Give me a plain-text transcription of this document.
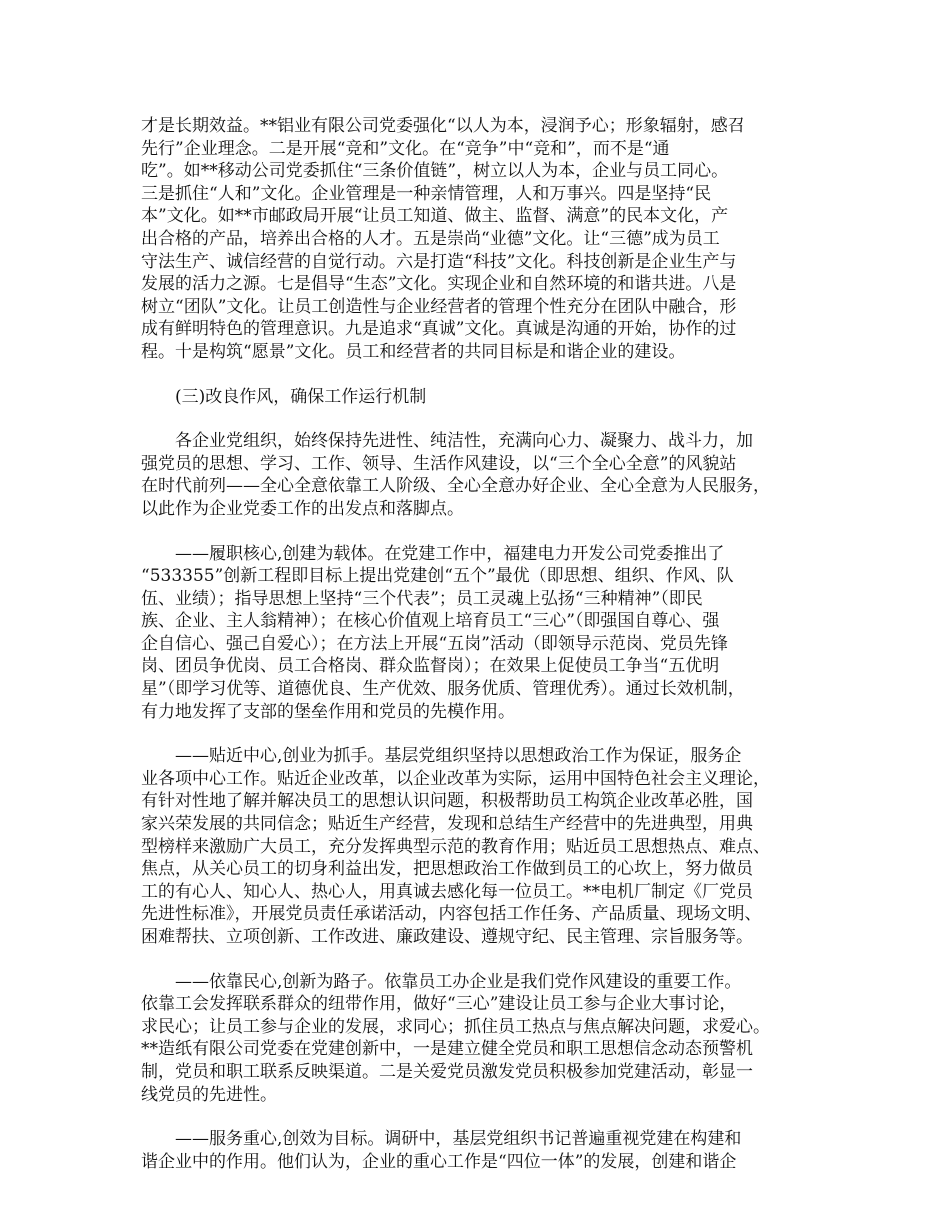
才是长期效益。**铝业有限公司党委强化“以人为本，浸润予心；形象辐射，感召
先行”企业理念。二是开展“竞和”文化。在“竞争”中“竞和”，而不是“通
吃”。如**移动公司党委抓住“三条价值链”，树立以人为本，企业与员工同心。
三是抓住“人和”文化。企业管理是一种亲情管理，人和万事兴。四是坚持“民
本”文化。如**市邮政局开展“让员工知道、做主、监督、满意”的民本文化，产
出合格的产品，培养出合格的人才。五是崇尚“业德”文化。让“三德”成为员工
守法生产、诚信经营的自觉行动。六是打造“科技”文化。科技创新是企业生产与
发展的活力之源。七是倡导“生态”文化。实现企业和自然环境的和谐共进。八是
树立“团队”文化。让员工创造性与企业经营者的管理个性充分在团队中融合，形
成有鲜明特色的管理意识。九是追求“真诚”文化。真诚是沟通的开始，协作的过
程。十是构筑“愿景”文化。员工和经营者的共同目标是和谐企业的建设。
(三)改良作风，确保工作运行机制
各企业党组织，始终保持先进性、纯洁性，充满向心力、凝聚力、战斗力，加
强党员的思想、学习、工作、领导、生活作风建设，以“三个全心全意”的风貌站
在时代前列——全心全意依靠工人阶级、全心全意办好企业、全心全意为人民服务，
以此作为企业党委工作的出发点和落脚点。
——履职核心,创建为载体。在党建工作中，福建电力开发公司党委推出了
“533355”创新工程即目标上提出党建创“五个”最优（即思想、组织、作风、队
伍、业绩）；指导思想上坚持“三个代表”；员工灵魂上弘扬“三种精神”（即民
族、企业、主人翁精神）；在核心价值观上培育员工“三心”（即强国自尊心、强
企自信心、强己自爱心）；在方法上开展“五岗”活动（即领导示范岗、党员先锋
岗、团员争优岗、员工合格岗、群众监督岗）；在效果上促使员工争当“五优明
星”（即学习优等、道德优良、生产优效、服务优质、管理优秀）。通过长效机制，
有力地发挥了支部的堡垒作用和党员的先模作用。
——贴近中心,创业为抓手。基层党组织坚持以思想政治工作为保证，服务企
业各项中心工作。贴近企业改革，以企业改革为实际，运用中国特色社会主义理论，
有针对性地了解并解决员工的思想认识问题，积极帮助员工构筑企业改革必胜，国
家兴荣发展的共同信念；贴近生产经营，发现和总结生产经营中的先进典型，用典
型榜样来激励广大员工，充分发挥典型示范的教育作用；贴近员工思想热点、难点、
焦点，从关心员工的切身利益出发，把思想政治工作做到员工的心坎上，努力做员
工的有心人、知心人、热心人，用真诚去感化每一位员工。**电机厂制定《厂党员
先进性标准》，开展党员责任承诺活动，内容包括工作任务、产品质量、现场文明、
困难帮扶、立项创新、工作改进、廉政建设、遵规守纪、民主管理、宗旨服务等。
——依靠民心,创新为路子。依靠员工办企业是我们党作风建设的重要工作。
依靠工会发挥联系群众的纽带作用，做好“三心”建设让员工参与企业大事讨论，
求民心；让员工参与企业的发展，求同心；抓住员工热点与焦点解决问题，求爱心。
**造纸有限公司党委在党建创新中，一是建立健全党员和职工思想信念动态预警机
制，党员和职工联系反映渠道。二是关爱党员激发党员积极参加党建活动，彰显一
线党员的先进性。
——服务重心,创效为目标。调研中，基层党组织书记普遍重视党建在构建和
谐企业中的作用。他们认为，企业的重心工作是“四位一体”的发展，创建和谐企
